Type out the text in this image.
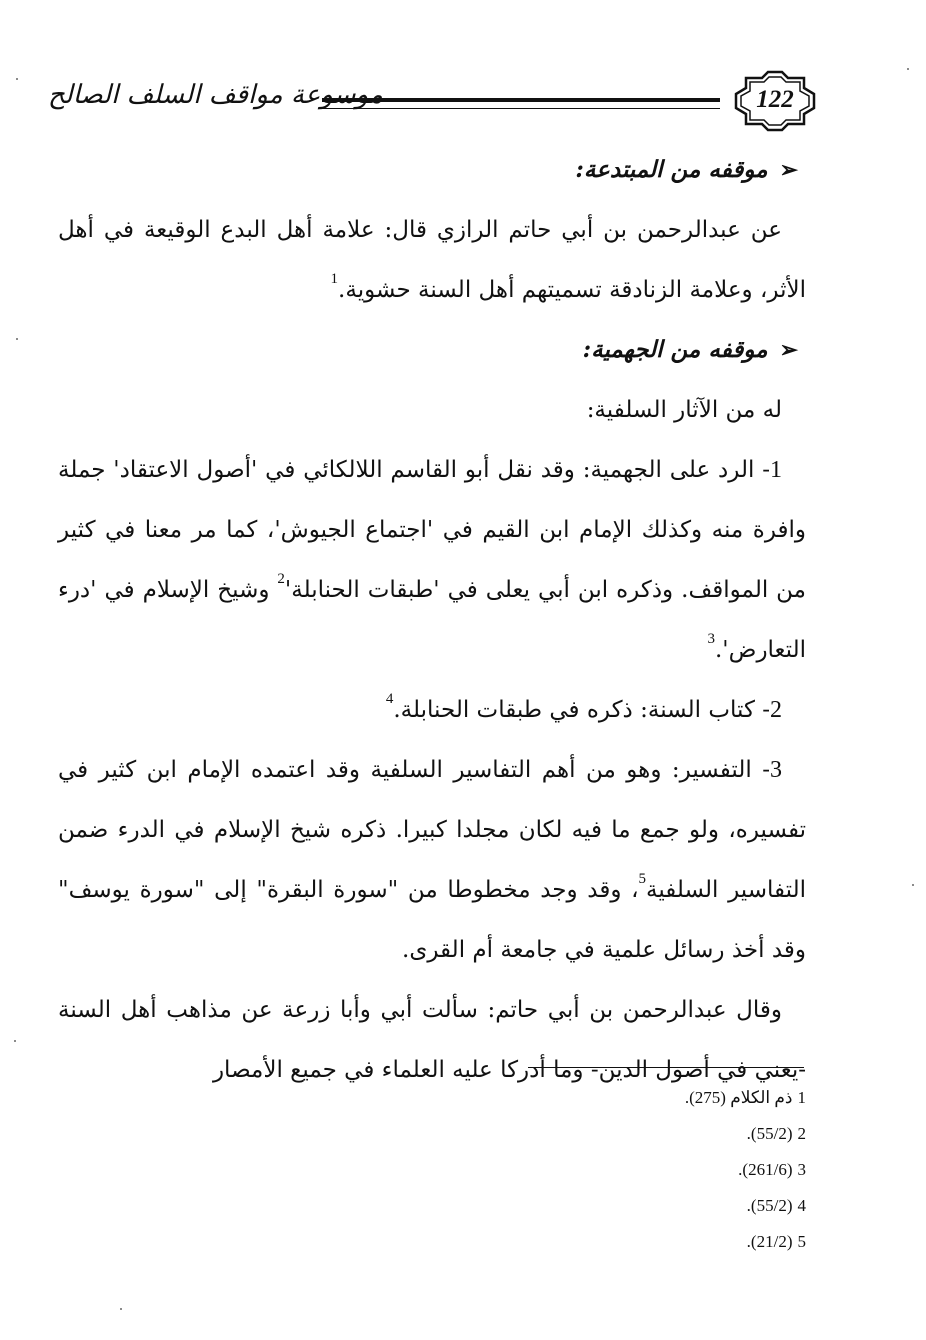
موسوعة مواقف السلف الصالح	122
➢موقفه من المبتدعة:

عن عبدالرحمن بن أبي حاتم الرازي قال: علامة أهل البدع الوقيعة في أهل الأثر، وعلامة الزنادقة تسميتهم أهل السنة حشوية.$^1$

➢موقفه من الجهمية:

له من الآثار السلفية:

1- الرد على الجهمية: وقد نقل أبو القاسم اللالكائي في 'أصول الاعتقاد' جملة وافرة منه وكذلك الإمام ابن القيم في 'اجتماع الجيوش'، كما مر معنا في كثير من المواقف. وذكره ابن أبي يعلى في 'طبقات $الحنابلة'^2$ وشيخ الإسلام في 'درء التعارض'.$^3$

2- كتاب السنة: ذكره في طبقات الحنابلة.$^4$

3- التفسير: وهو من أهم التفاسير السلفية وقد اعتمده الإمام ابن كثير في تفسيره، ولو جمع ما فيه لكان مجلدا كبيرا. ذكره شيخ الإسلام في الدرء ضمن التفاسير السلفية$^5$، وقد وجد مخطوطا من "سورة البقرة" إلى "سورة يوسف" وقد أخذ رسائل علمية في جامعة أم القرى.

وقال عبدالرحمن بن أبي حاتم: سألت أبي وأبا زرعة عن مذاهب أهل السنة -يعني في أصول الدين- وما أدركا عليه العلماء في جميع الأمصار

1ذم الكلام (275).
2(55/2).
3(261/6).
4(55/2).
5(21/2).
